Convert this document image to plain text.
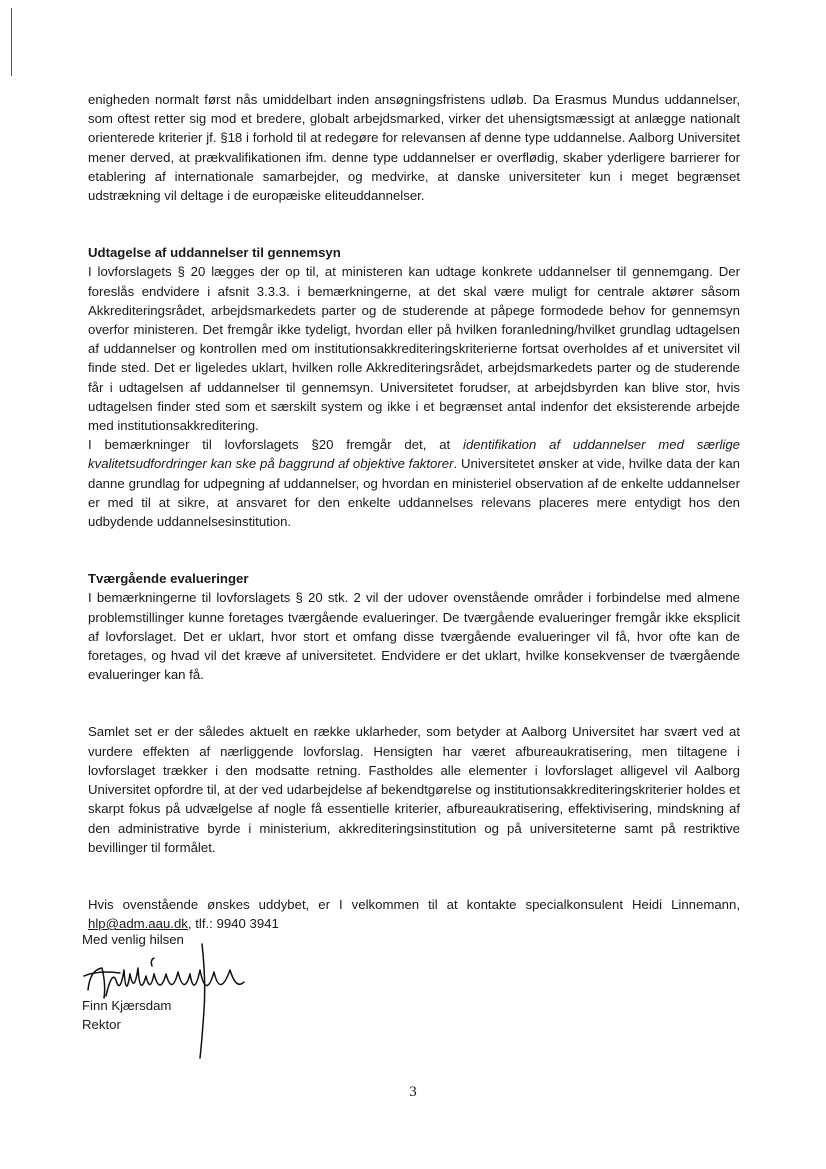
enigheden normalt først nås umiddelbart inden ansøgningsfristens udløb. Da Erasmus Mundus uddannelser, som oftest retter sig mod et bredere, globalt arbejdsmarked, virker det uhensigtsmæssigt at anlægge nationalt orienterede kriterier jf. §18 i forhold til at redegøre for relevansen af denne type uddannelse. Aalborg Universitet mener derved, at prækvalifikationen ifm. denne type uddannelser er overflødig, skaber yderligere barrierer for etablering af internationale samarbejder, og medvirke, at danske universiteter kun i meget begrænset udstrækning vil deltage i de europæiske eliteuddannelser.

Udtagelse af uddannelser til gennemsyn

I lovforslagets § 20 lægges der op til, at ministeren kan udtage konkrete uddannelser til gennemgang. Der foreslås endvidere i afsnit 3.3.3. i bemærkningerne, at det skal være muligt for centrale aktører såsom Akkrediteringsrådet, arbejdsmarkedets parter og de studerende at påpege formodede behov for gennemsyn overfor ministeren. Det fremgår ikke tydeligt, hvordan eller på hvilken foranledning/hvilket grundlag udtagelsen af uddannelser og kontrollen med om institutionsakkrediteringskriterierne fortsat overholdes af et universitet vil finde sted. Det er ligeledes uklart, hvilken rolle Akkrediteringsrådet, arbejdsmarkedets parter og de studerende får i udtagelsen af uddannelser til gennemsyn. Universitetet forudser, at arbejdsbyrden kan blive stor, hvis udtagelsen finder sted som et særskilt system og ikke i et begrænset antal indenfor det eksisterende arbejde med institutionsakkreditering.

I bemærkninger til lovforslagets §20 fremgår det, at identifikation af uddannelser med særlige kvalitetsudfordringer kan ske på baggrund af objektive faktorer. Universitetet ønsker at vide, hvilke data der kan danne grundlag for udpegning af uddannelser, og hvordan en ministeriel observation af de enkelte uddannelser er med til at sikre, at ansvaret for den enkelte uddannelses relevans placeres mere entydigt hos den udbydende uddannelsesinstitution.

Tværgående evalueringer

I bemærkningerne til lovforslagets § 20 stk. 2 vil der udover ovenstående områder i forbindelse med almene problemstillinger kunne foretages tværgående evalueringer. De tværgående evalueringer fremgår ikke eksplicit af lovforslaget. Det er uklart, hvor stort et omfang disse tværgående evalueringer vil få, hvor ofte kan de foretages, og hvad vil det kræve af universitetet. Endvidere er det uklart, hvilke konsekvenser de tværgående evalueringer kan få.

Samlet set er der således aktuelt en række uklarheder, som betyder at Aalborg Universitet har svært ved at vurdere effekten af nærliggende lovforslag. Hensigten har været afbureaukratisering, men tiltagene i lovforslaget trækker i den modsatte retning. Fastholdes alle elementer i lovforslaget alligevel vil Aalborg Universitet opfordre til, at der ved udarbejdelse af bekendtgørelse og institutionsakkrediteringskriterier holdes et skarpt fokus på udvælgelse af nogle få essentielle kriterier, afbureaukratisering, effektivisering, mindskning af den administrative byrde i ministerium, akkrediteringsinstitution og på universiteterne samt på restriktive bevillinger til formålet.

Hvis ovenstående ønskes uddybet, er I velkommen til at kontakte specialkonsulent Heidi Linnemann, hlp@adm.aau.dk, tlf.: 9940 3941

Med venlig hilsen
Finn Kjærsdam
Rektor
3
